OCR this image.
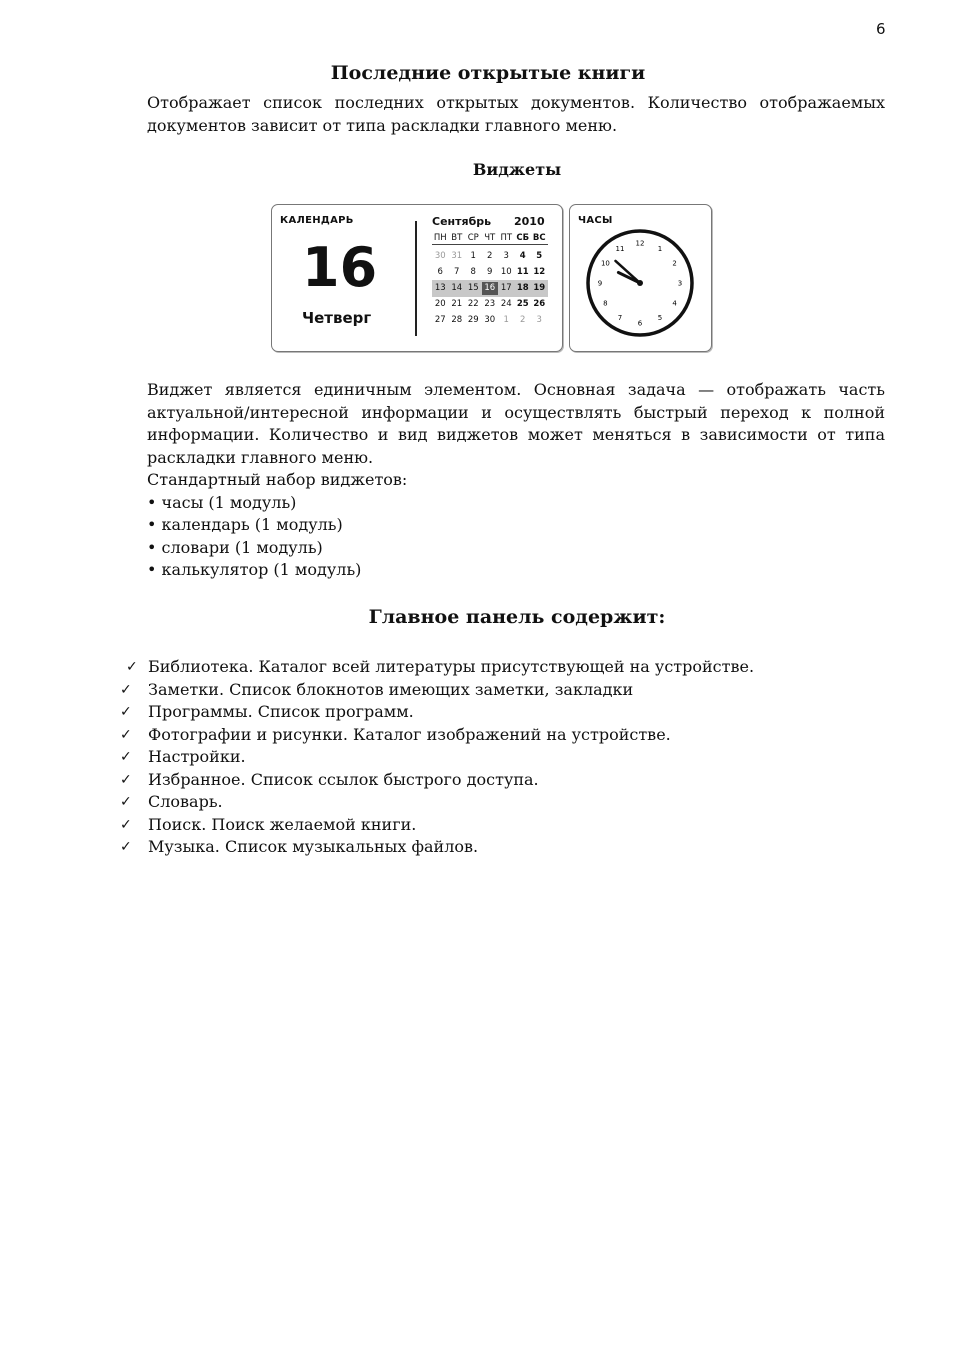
6
Последние открытые книги
Отображает список последних открытых документов. Количество отображаемых
документов зависит от типа раскладки главного меню.
Виджеты
КАЛЕНДАРЬ
16
Четверг
Сентябрь 2010
ПН ВТ СР ЧТ ПТ СБ ВС
30 31 1	2	3	4	5
6	7	8	9 10 11 12
13 14 15 16 17 18 19
20 21 22 23 24 25 26
27 28 29 30 1	2	3
ЧАСЫ
12
1
2
3
4
5
6
7
8
9
10
11
Виджет является единичным элементом. Основная задача — отображать часть
актуальной/интересной информации и осуществлять быстрый переход к полной
информации. Количество и вид виджетов может меняться в зависимости от типа
раскладки главного меню.
Стандартный набор виджетов:
• часы (1 модуль)
• календарь (1 модуль)
• словари (1 модуль)
• калькулятор (1 модуль)
Главное панель содержит:
✓ Библиотека. Каталог всей литературы присутствующей на устройстве.
✓	Заметки. Список блокнотов имеющих заметки, закладки
✓	Программы. Список программ.
✓	Фотографии и рисунки. Каталог изображений на устройстве.
✓	Настройки.
✓	Избранное. Список ссылок быстрого доступа.
✓	Словарь.
✓	Поиск. Поиск желаемой книги.
✓	Музыка. Список музыкальных файлов.
